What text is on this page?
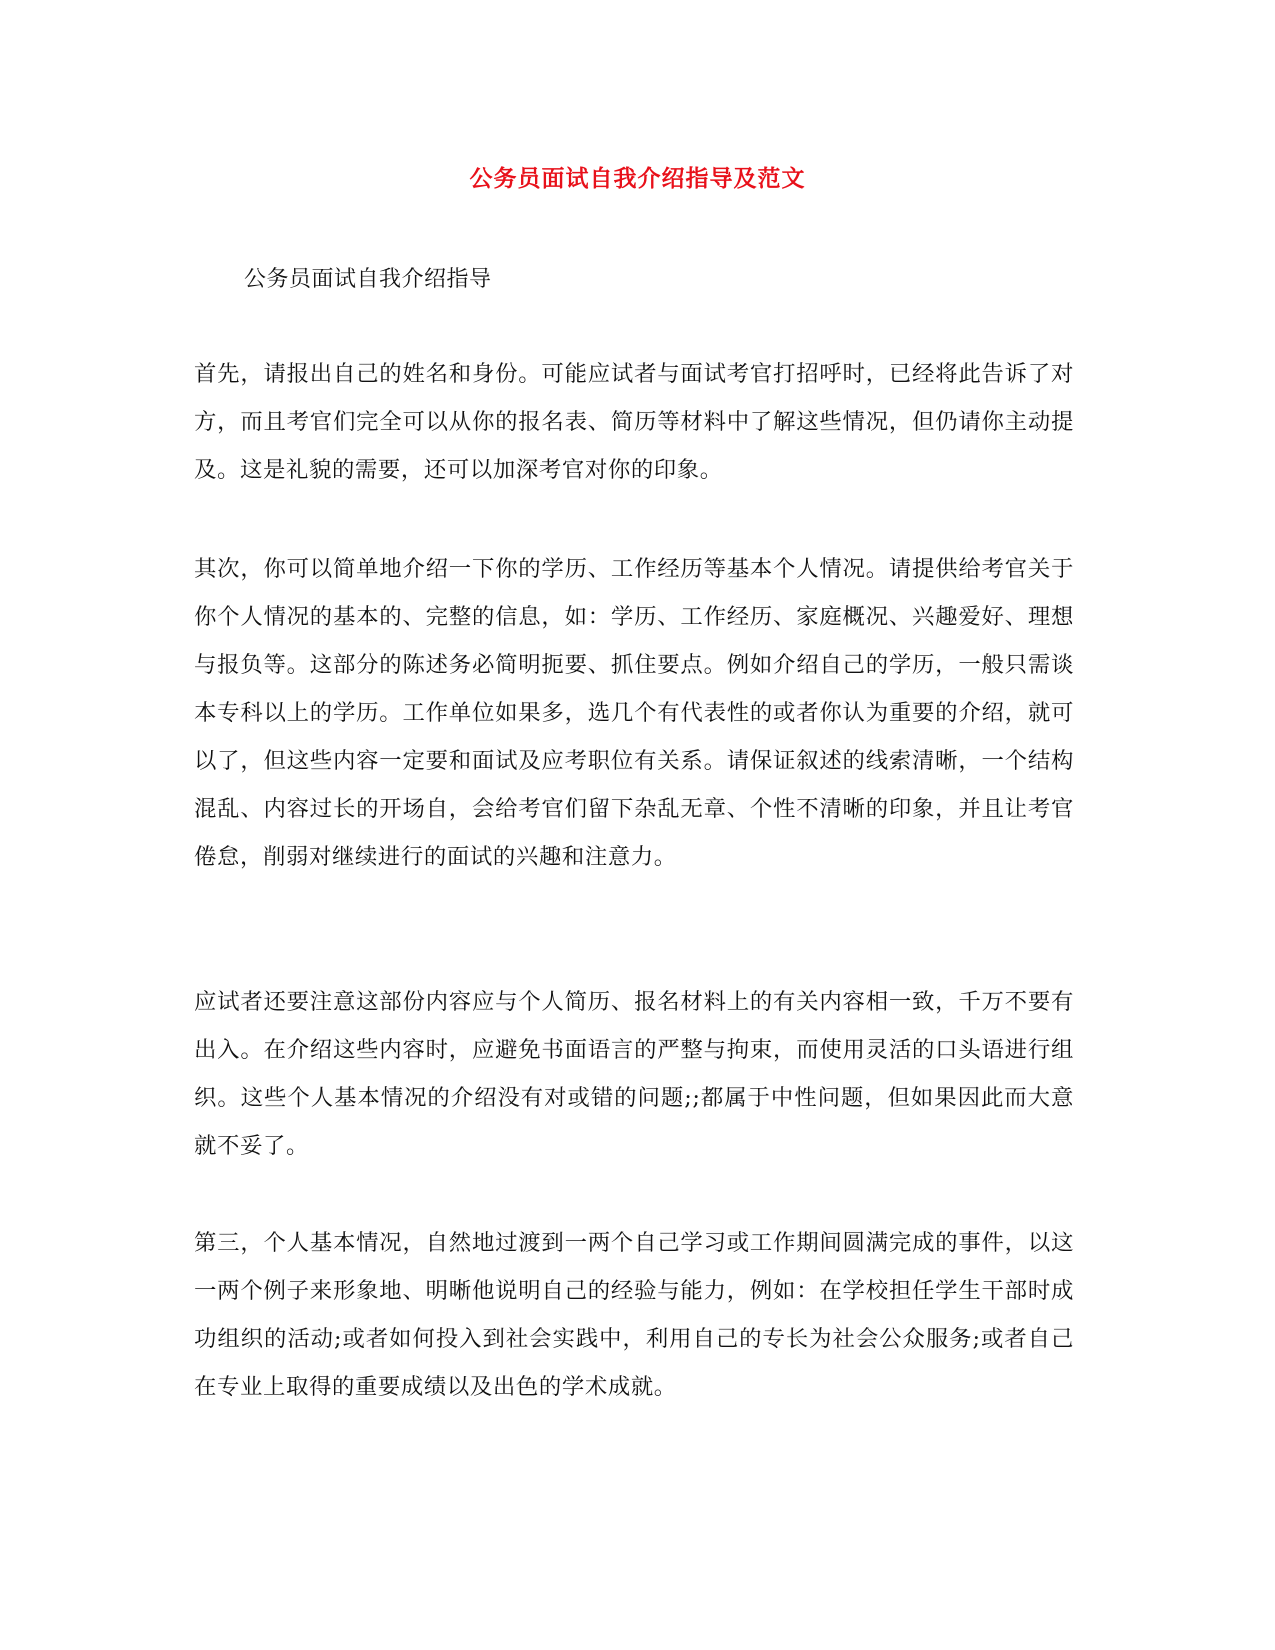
公务员面试自我介绍指导及范文
公务员面试自我介绍指导

首先，请报出自己的姓名和身份。可能应试者与面试考官打招呼时，已经将此告诉了对方，而且考官们完全可以从你的报名表、简历等材料中了解这些情况，但仍请你主动提及。这是礼貌的需要，还可以加深考官对你的印象。

其次，你可以简单地介绍一下你的学历、工作经历等基本个人情况。请提供给考官关于你个人情况的基本的、完整的信息，如：学历、工作经历、家庭概况、兴趣爱好、理想与报负等。这部分的陈述务必简明扼要、抓住要点。例如介绍自己的学历，一般只需谈本专科以上的学历。工作单位如果多，选几个有代表性的或者你认为重要的介绍，就可以了，但这些内容一定要和面试及应考职位有关系。请保证叙述的线索清晰，一个结构混乱、内容过长的开场自，会给考官们留下杂乱无章、个性不清晰的印象，并且让考官倦怠，削弱对继续进行的面试的兴趣和注意力。

应试者还要注意这部份内容应与个人简历、报名材料上的有关内容相一致，千万不要有出入。在介绍这些内容时，应避免书面语言的严整与拘束，而使用灵活的口头语进行组织。这些个人基本情况的介绍没有对或错的问题;;都属于中性问题，但如果因此而大意就不妥了。

第三，个人基本情况，自然地过渡到一两个自己学习或工作期间圆满完成的事件，以这一两个例子来形象地、明晰他说明自己的经验与能力，例如：在学校担任学生干部时成功组织的活动;或者如何投入到社会实践中，利用自己的专长为社会公众服务;或者自己在专业上取得的重要成绩以及出色的学术成就。
